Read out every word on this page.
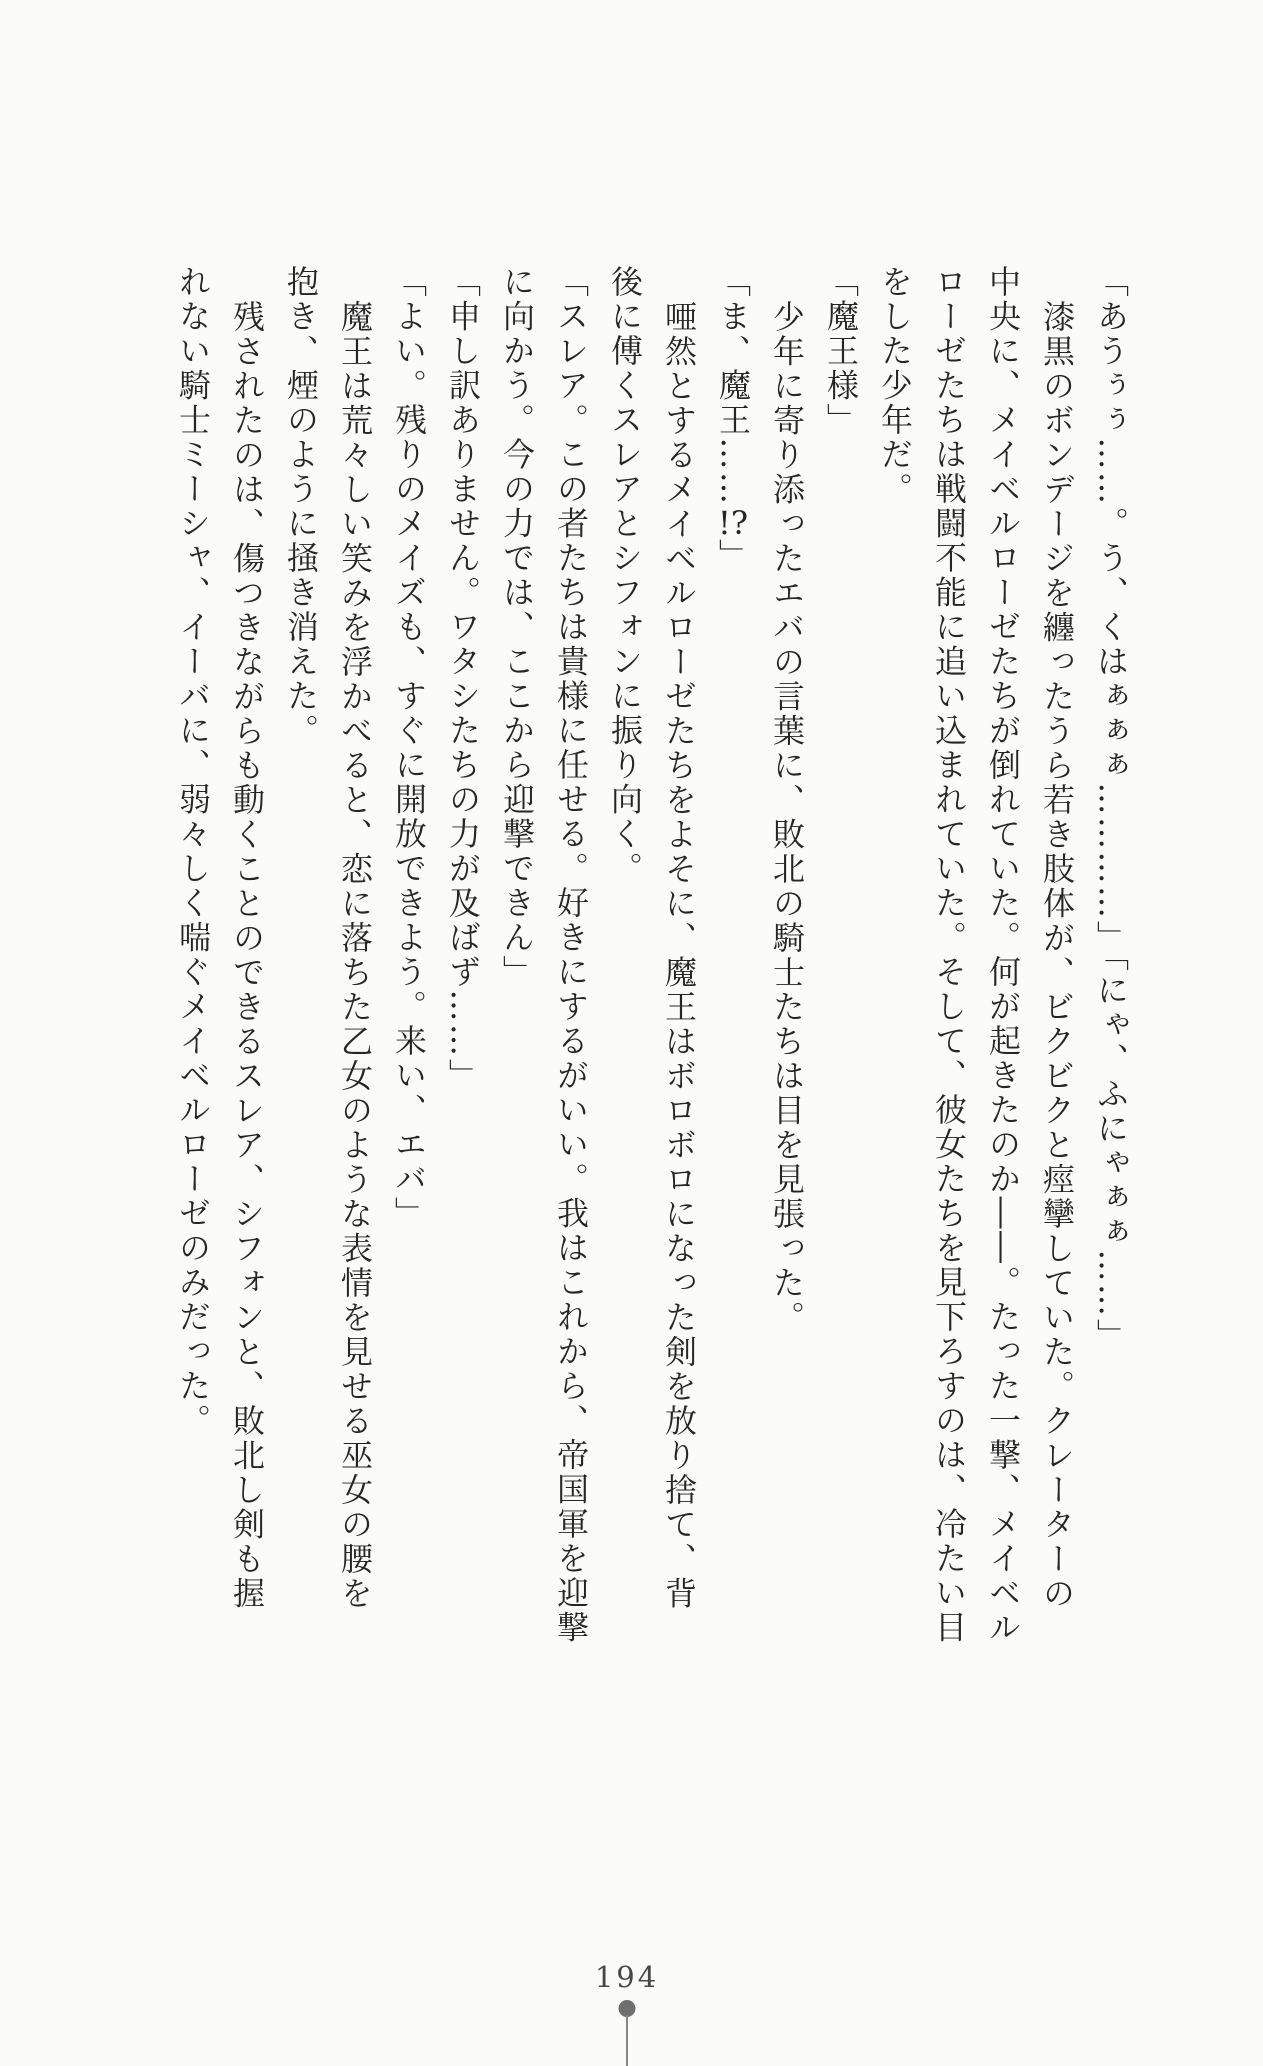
「あうぅぅ……。う、くはぁぁぁ…………」「にゃ、ふにゃぁぁ……」

漆黒のボンデージを纏ったうら若き肢体が、ビクビクと痙攣していた。クレーターの中央に、メイベルローゼたちが倒れていた。何が起きたのか――。たった一撃、メイベルローゼたちは戦闘不能に追い込まれていた。そして、彼女たちを見下ろすのは、冷たい目をした少年だ。

「魔王様」

少年に寄り添ったエバの言葉に、敗北の騎士たちは目を見張った。

「ま、魔王……!?」

唖然とするメイベルローゼたちをよそに、魔王はボロボロになった剣を放り捨て、背後に傅くスレアとシフォンに振り向く。

「スレア。この者たちは貴様に任せる。好きにするがいい。我はこれから、帝国軍を迎撃に向かう。今の力では、ここから迎撃できん」

「申し訳ありません。ワタシたちの力が及ばず……」

「よい。残りのメイズも、すぐに開放できよう。来い、エバ」

魔王は荒々しい笑みを浮かべると、恋に落ちた乙女のような表情を見せる巫女の腰を抱き、煙のように掻き消えた。

残されたのは、傷つきながらも動くことのできるスレア、シフォンと、敗北し剣も握れない騎士ミーシャ、イーバに、弱々しく喘ぐメイベルローゼのみだった。

194
